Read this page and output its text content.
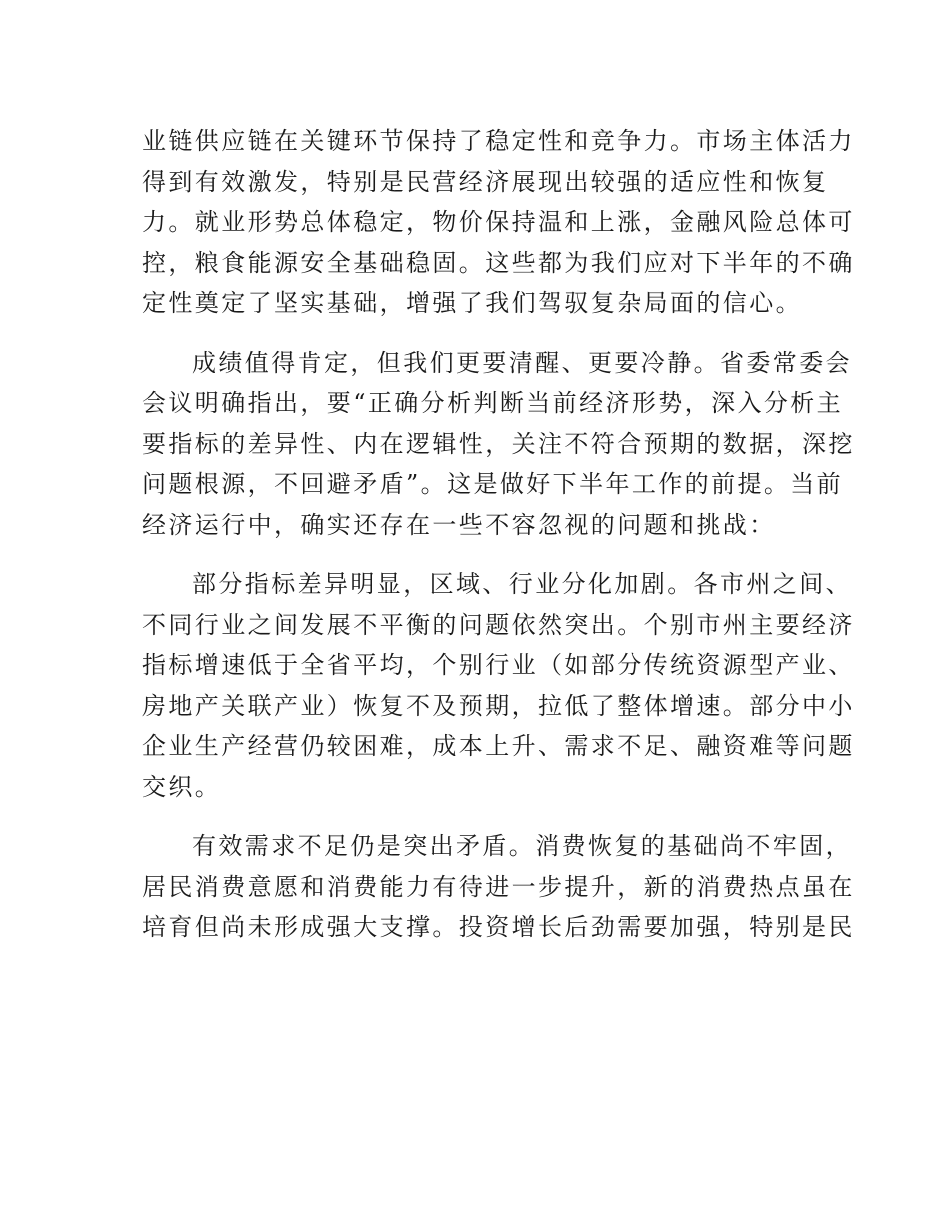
业链供应链在关键环节保持了稳定性和竞争力。市场主体活力
得到有效激发，特别是民营经济展现出较强的适应性和恢复
力。就业形势总体稳定，物价保持温和上涨，金融风险总体可
控，粮食能源安全基础稳固。这些都为我们应对下半年的不确
定性奠定了坚实基础，增强了我们驾驭复杂局面的信心。

成绩值得肯定，但我们更要清醒、更要冷静。省委常委会
会议明确指出，要“正确分析判断当前经济形势，深入分析主
要指标的差异性、内在逻辑性，关注不符合预期的数据，深挖
问题根源，不回避矛盾”。这是做好下半年工作的前提。当前
经济运行中，确实还存在一些不容忽视的问题和挑战：

部分指标差异明显，区域、行业分化加剧。各市州之间、
不同行业之间发展不平衡的问题依然突出。个别市州主要经济
指标增速低于全省平均，个别行业（如部分传统资源型产业、
房地产关联产业）恢复不及预期，拉低了整体增速。部分中小
企业生产经营仍较困难，成本上升、需求不足、融资难等问题
交织。

有效需求不足仍是突出矛盾。消费恢复的基础尚不牢固，
居民消费意愿和消费能力有待进一步提升，新的消费热点虽在
培育但尚未形成强大支撑。投资增长后劲需要加强，特别是民
